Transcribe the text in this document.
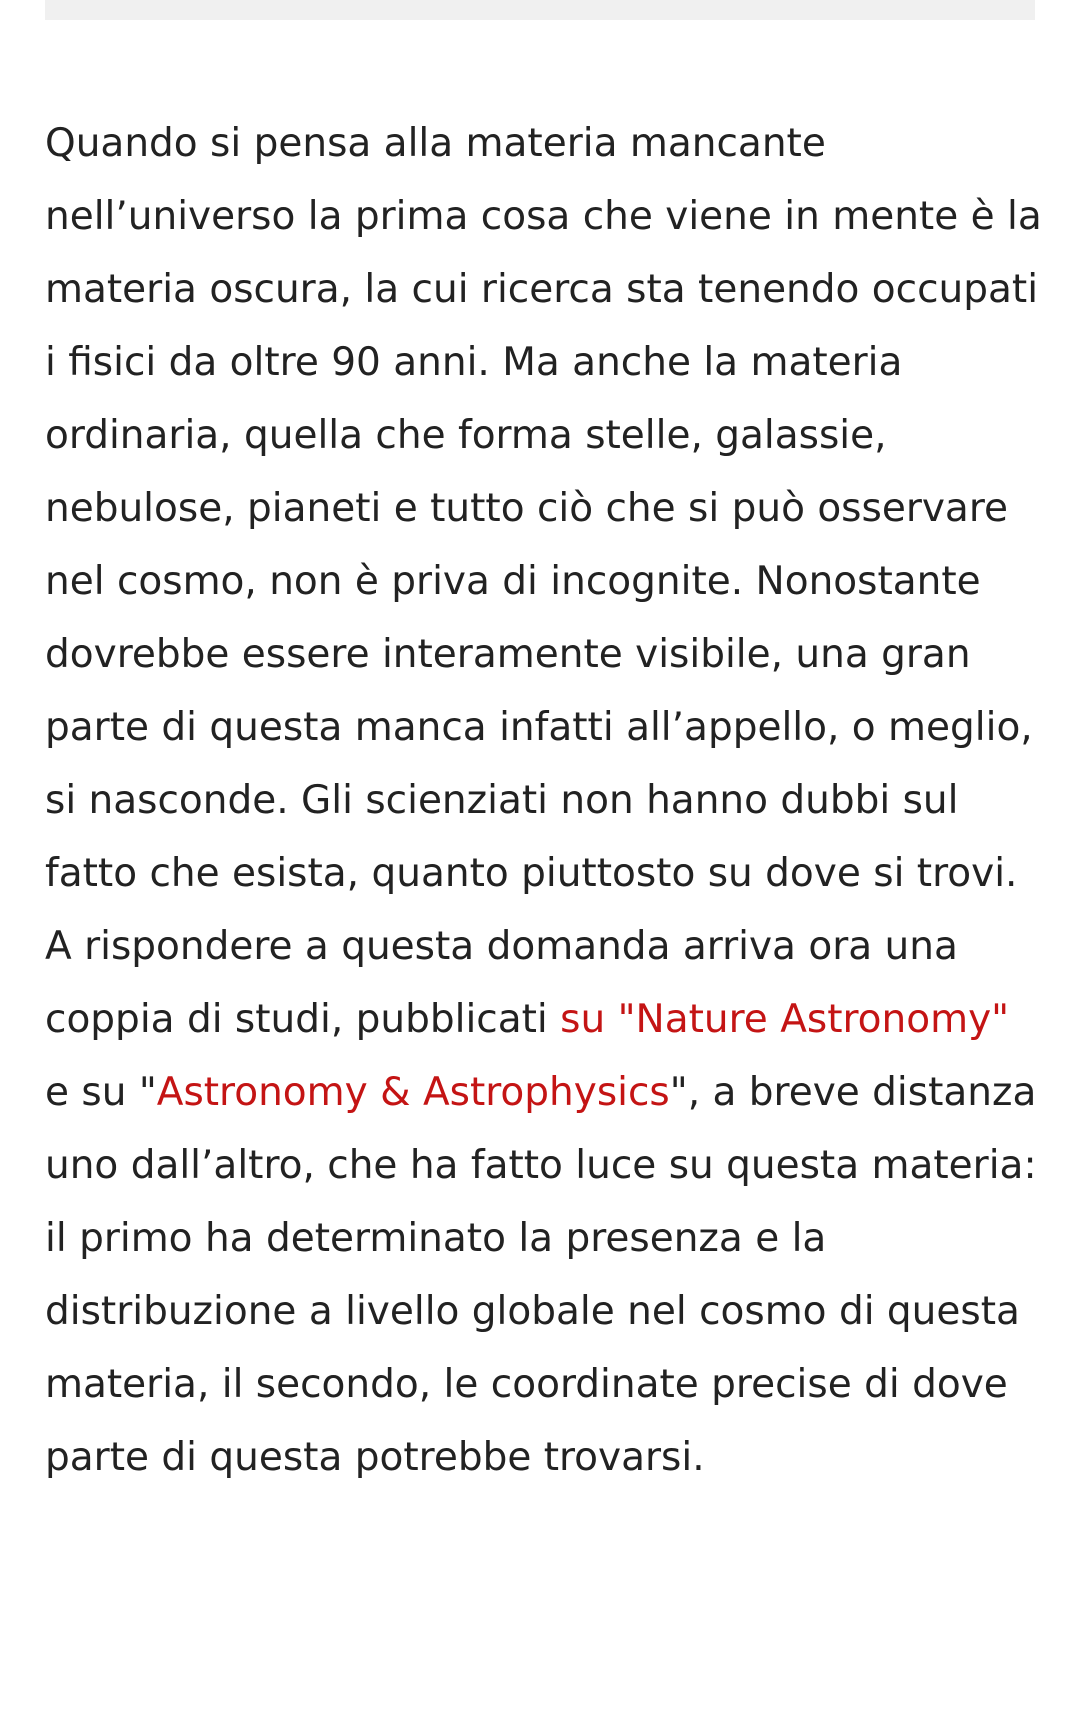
Quando si pensa alla materia mancante nell’universo la prima cosa che viene in mente è la materia oscura, la cui ricerca sta tenendo occupati i fisici da oltre 90 anni. Ma anche la materia ordinaria, quella che forma stelle, galassie, nebulose, pianeti e tutto ciò che si può osservare nel cosmo, non è priva di incognite. Nonostante dovrebbe essere interamente visibile, una gran parte di questa manca infatti all’appello, o meglio, si nasconde. Gli scienziati non hanno dubbi sul fatto che esista, quanto piuttosto su dove si trovi. A rispondere a questa domanda arriva ora una coppia di studi, pubblicati su "Nature Astronomy" e su "Astronomy & Astrophysics", a breve distanza uno dall’altro, che ha fatto luce su questa materia: il primo ha determinato la presenza e la distribuzione a livello globale nel cosmo di questa materia, il secondo, le coordinate precise di dove parte di questa potrebbe trovarsi.
